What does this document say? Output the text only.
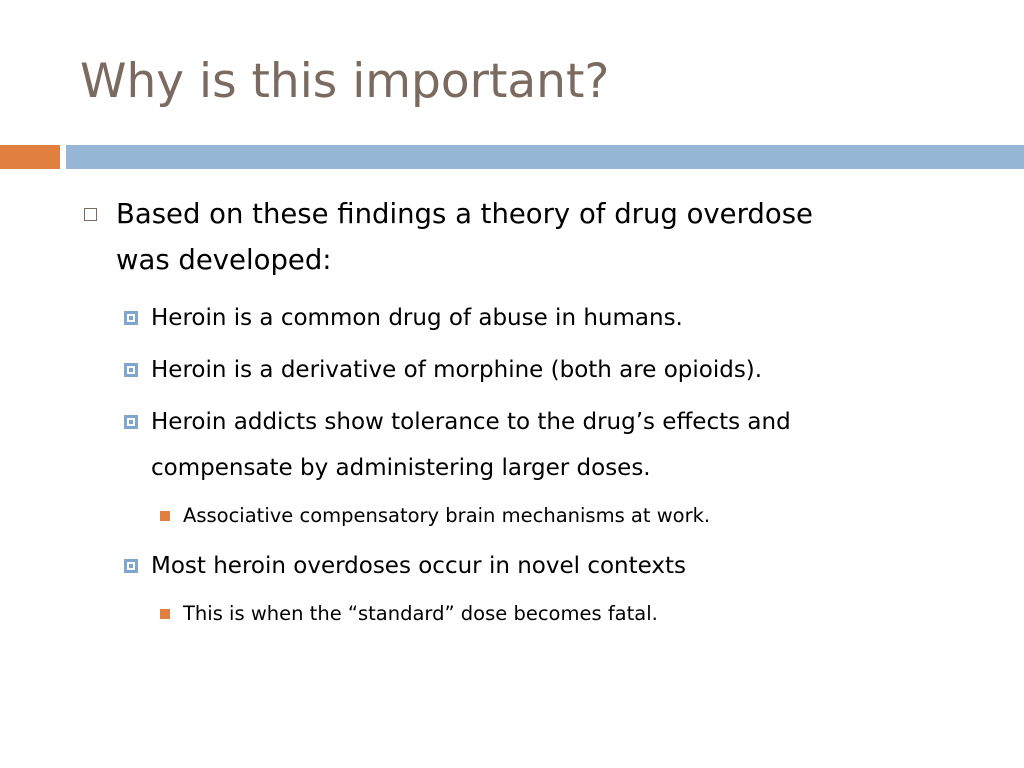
Why is this important?
Based on these findings a theory of drug overdose
was developed:
Heroin is a common drug of abuse in humans.
Heroin is a derivative of morphine (both are opioids).
Heroin addicts show tolerance to the drug’s effects and
compensate by administering larger doses.
Associative compensatory brain mechanisms at work.
Most heroin overdoses occur in novel contexts
This is when the “standard” dose becomes fatal.
